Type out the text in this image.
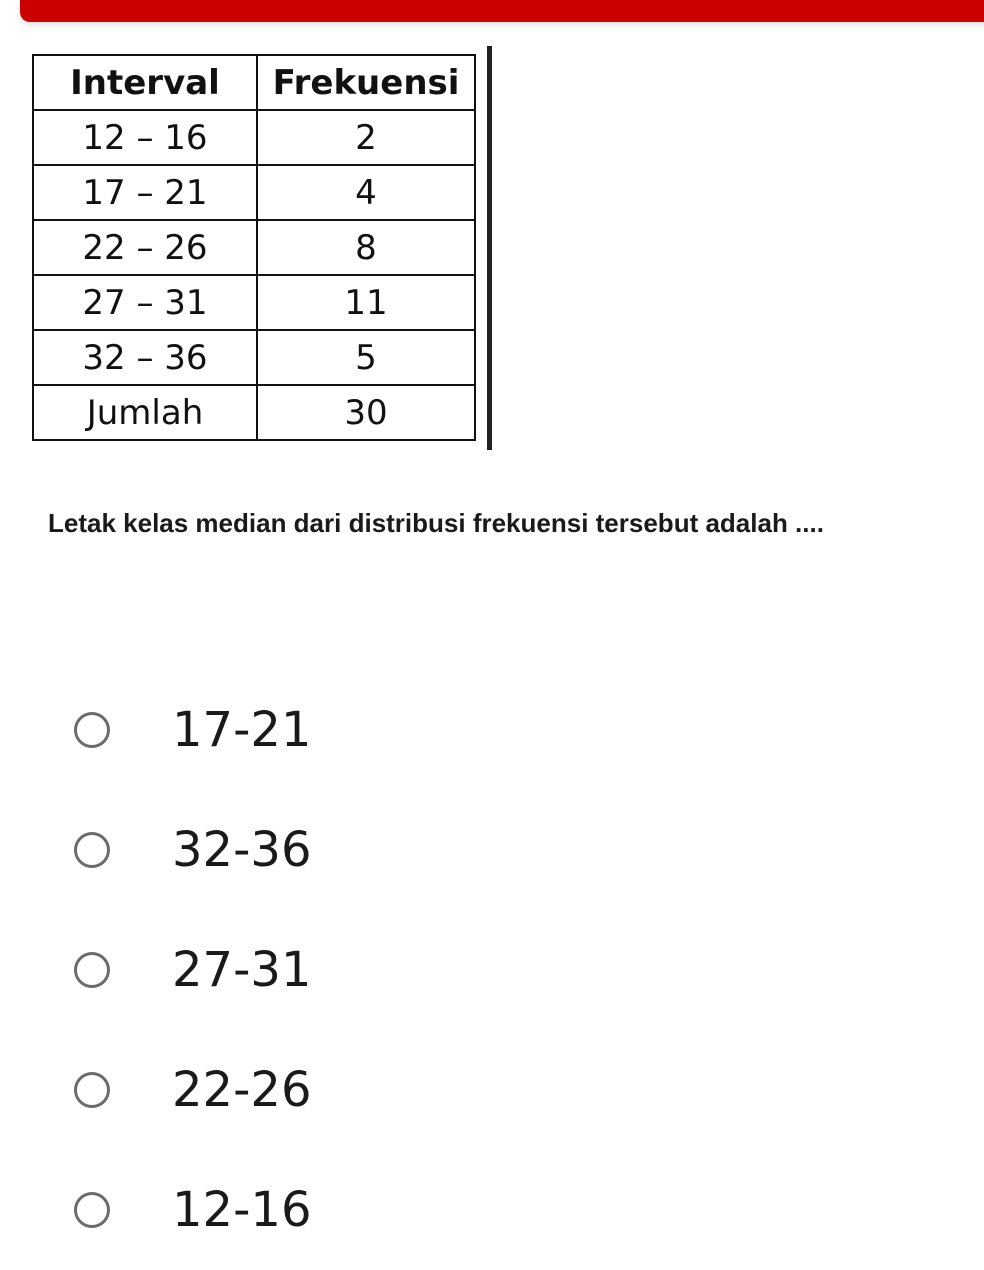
Interval	Frekuensi
12 – 16	2
17 – 21	4
22 – 26	8
27 – 31	11
32 – 36	5
Jumlah	30
Letak kelas median dari distribusi frekuensi tersebut adalah ....
17-21
32-36
27-31
22-26
12-16
